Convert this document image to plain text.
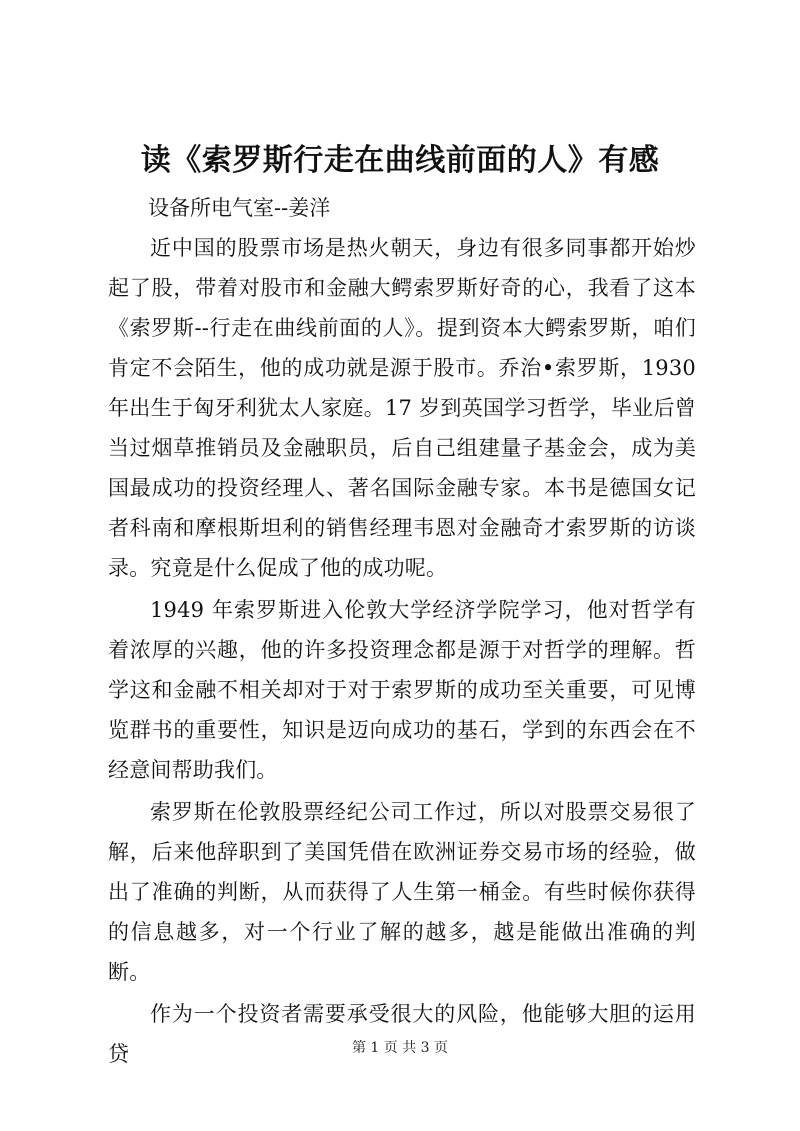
读《索罗斯行走在曲线前面的人》有感
设备所电气室--姜洋

近中国的股票市场是热火朝天，身边有很多同事都开始炒起了股，带着对股市和金融大鳄索罗斯好奇的心，我看了这本《索罗斯--行走在曲线前面的人》。提到资本大鳄索罗斯，咱们肯定不会陌生，他的成功就是源于股市。乔治•索罗斯，1930 年出生于匈牙利犹太人家庭。17 岁到英国学习哲学，毕业后曾当过烟草推销员及金融职员，后自己组建量子基金会，成为美国最成功的投资经理人、著名国际金融专家。本书是德国女记者科南和摩根斯坦利的销售经理韦恩对金融奇才索罗斯的访谈录。究竟是什么促成了他的成功呢。

1949 年索罗斯进入伦敦大学经济学院学习，他对哲学有着浓厚的兴趣，他的许多投资理念都是源于对哲学的理解。哲学这和金融不相关却对于对于索罗斯的成功至关重要，可见博览群书的重要性，知识是迈向成功的基石，学到的东西会在不经意间帮助我们。

索罗斯在伦敦股票经纪公司工作过，所以对股票交易很了解，后来他辞职到了美国凭借在欧洲证券交易市场的经验，做出了准确的判断，从而获得了人生第一桶金。有些时候你获得的信息越多，对一个行业了解的越多，越是能做出准确的判断。

作为一个投资者需要承受很大的风险，他能够大胆的运用贷	第 1 页 共 3 页
